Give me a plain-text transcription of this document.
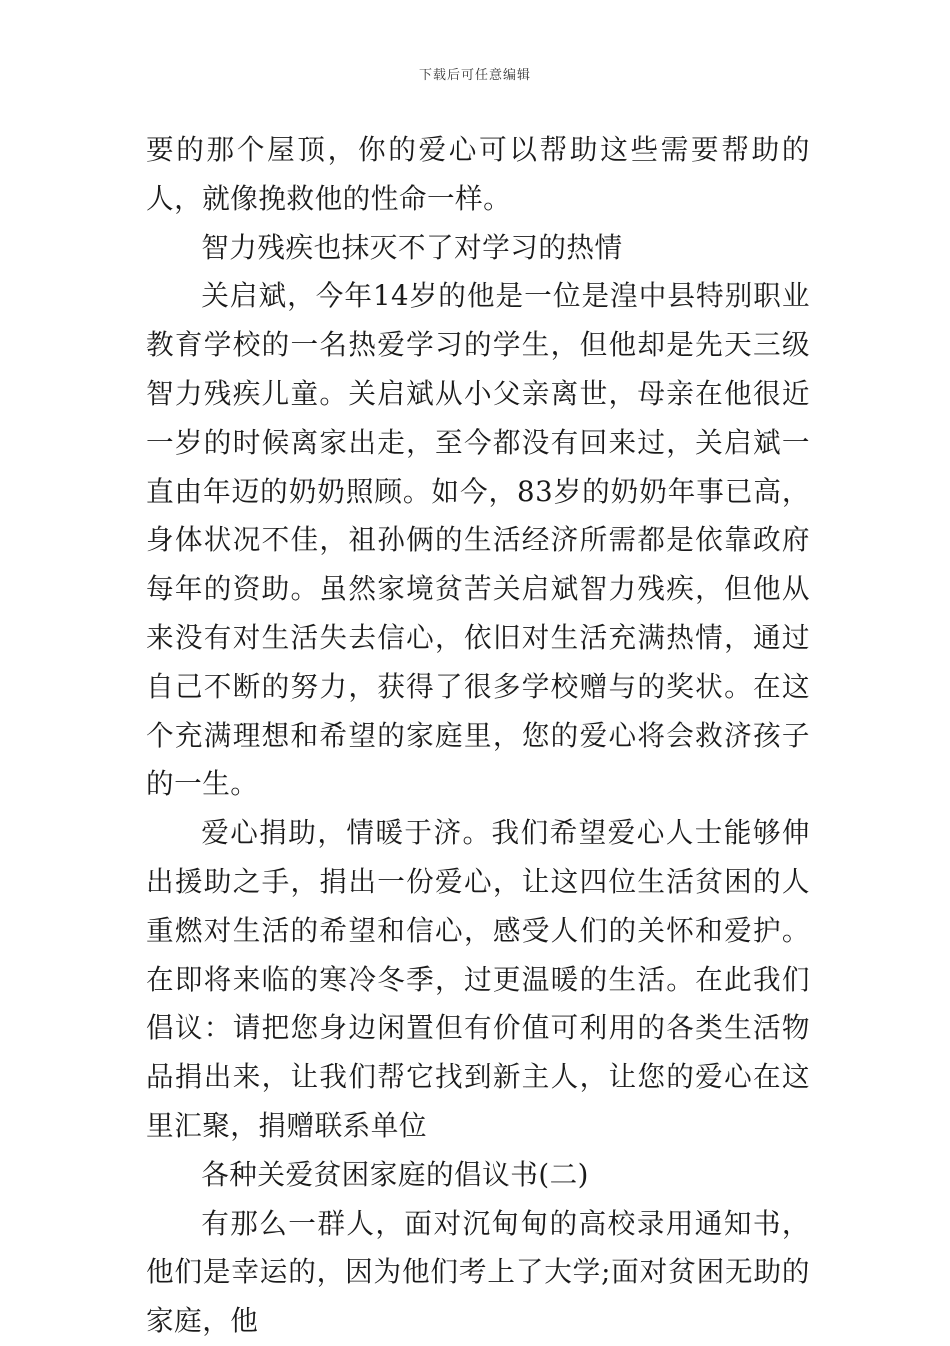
下载后可任意编辑

要的那个屋顶，你的爱心可以帮助这些需要帮助的人，就像挽救他的性命一样。

智力残疾也抹灭不了对学习的热情

关启斌，今年14岁的他是一位是湟中县特别职业教育学校的一名热爱学习的学生，但他却是先天三级智力残疾儿童。关启斌从小父亲离世，母亲在他很近一岁的时候离家出走，至今都没有回来过，关启斌一直由年迈的奶奶照顾。如今，83岁的奶奶年事已高，身体状况不佳，祖孙俩的生活经济所需都是依靠政府每年的资助。虽然家境贫苦关启斌智力残疾，但他从来没有对生活失去信心，依旧对生活充满热情，通过自己不断的努力，获得了很多学校赠与的奖状。在这个充满理想和希望的家庭里，您的爱心将会救济孩子的一生。

爱心捐助，情暖于济。我们希望爱心人士能够伸出援助之手，捐出一份爱心，让这四位生活贫困的人重燃对生活的希望和信心，感受人们的关怀和爱护。在即将来临的寒冷冬季，过更温暖的生活。在此我们倡议：请把您身边闲置但有价值可利用的各类生活物品捐出来，让我们帮它找到新主人，让您的爱心在这里汇聚，捐赠联系单位

各种关爱贫困家庭的倡议书(二)

有那么一群人，面对沉甸甸的高校录用通知书，他们是幸运的，因为他们考上了大学;面对贫困无助的家庭，他
